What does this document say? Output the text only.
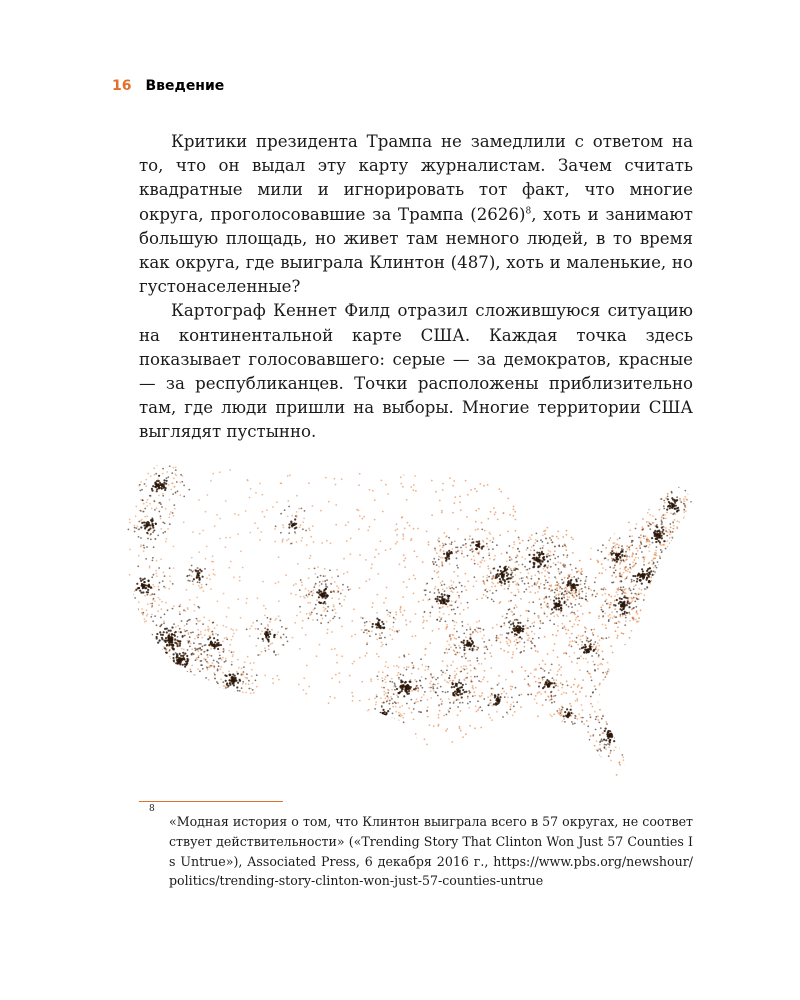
16 Введение

Критики президента Трампа не замедлили с ответом на то, что он выдал эту карту журналистам. Зачем считать квадратные мили и игнорировать тот факт, что многие округа, проголосовавшие за Трампа $(2626)^8$, хоть и занимают большую площадь, но живет там немного людей, в то время как округа, где выиграла Клинтон (487), хоть и маленькие, но густонаселенные?

Картограф Кеннет Филд отразил сложившуюся ситуацию на континентальной карте США. Каждая точка здесь показывает голосовавшего: серые — за демократов, красные — за республиканцев. Точки расположены приблизительно там, где люди пришли на выборы. Многие территории США выглядят пустынно.

8
«Модная история о том, что Клинтон выиграла всего в 57 округах, не соответствует действительности» («Trending Story That Clinton Won Just 57 Counties Is Untrue»), Associated Press, 6 декабря 2016 г., https://www.pbs.org/newshour/politics/trending-story-clinton-won-just-57-counties-untrue
